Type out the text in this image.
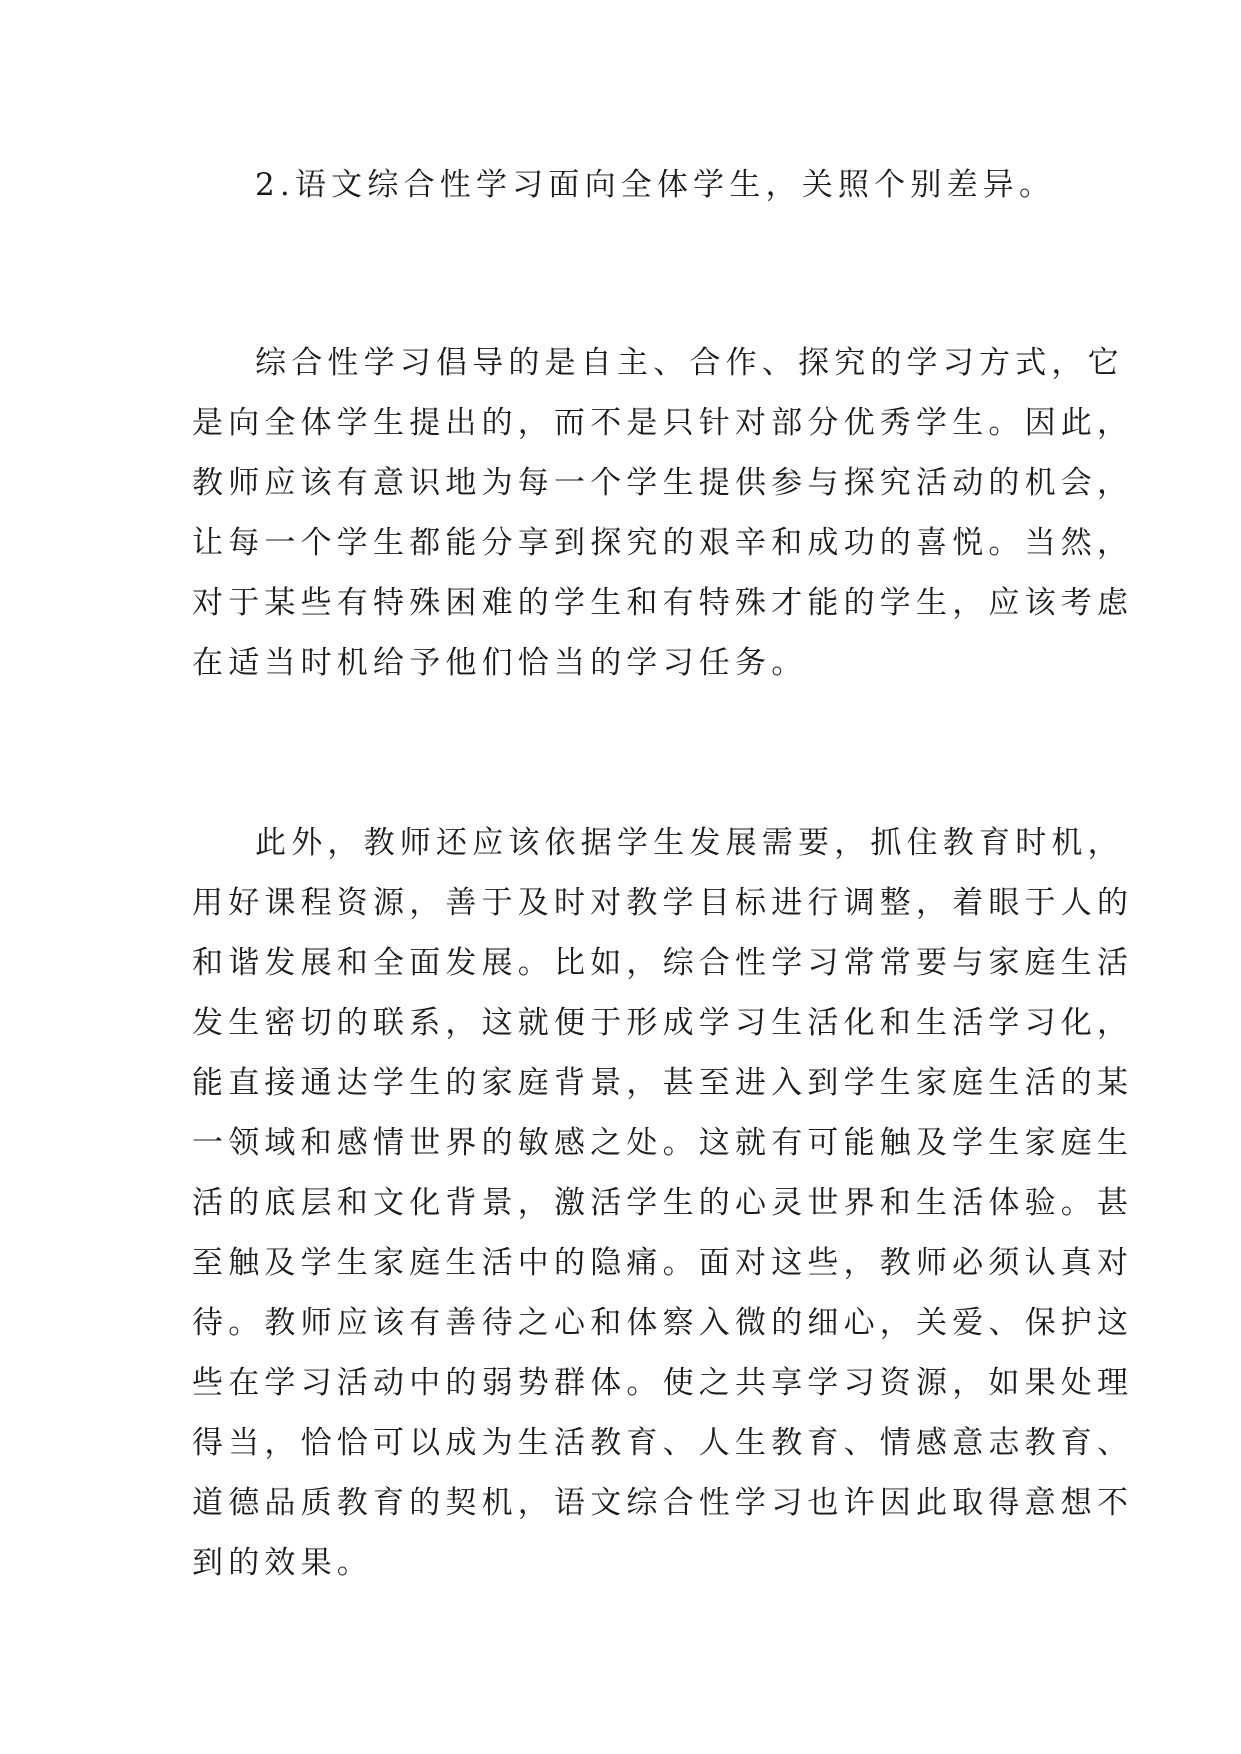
2.语文综合性学习面向全体学生，关照个别差异。

综合性学习倡导的是自主、合作、探究的学习方式，它

是向全体学生提出的，而不是只针对部分优秀学生。因此，

教师应该有意识地为每一个学生提供参与探究活动的机会，

让每一个学生都能分享到探究的艰辛和成功的喜悦。当然，

对于某些有特殊困难的学生和有特殊才能的学生，应该考虑

在适当时机给予他们恰当的学习任务。

此外，教师还应该依据学生发展需要，抓住教育时机，

用好课程资源，善于及时对教学目标进行调整，着眼于人的

和谐发展和全面发展。比如，综合性学习常常要与家庭生活

发生密切的联系，这就便于形成学习生活化和生活学习化，

能直接通达学生的家庭背景，甚至进入到学生家庭生活的某

一领域和感情世界的敏感之处。这就有可能触及学生家庭生

活的底层和文化背景，激活学生的心灵世界和生活体验。甚

至触及学生家庭生活中的隐痛。面对这些，教师必须认真对

待。教师应该有善待之心和体察入微的细心，关爱、保护这

些在学习活动中的弱势群体。使之共享学习资源，如果处理

得当，恰恰可以成为生活教育、人生教育、情感意志教育、

道德品质教育的契机，语文综合性学习也许因此取得意想不

到的效果。
